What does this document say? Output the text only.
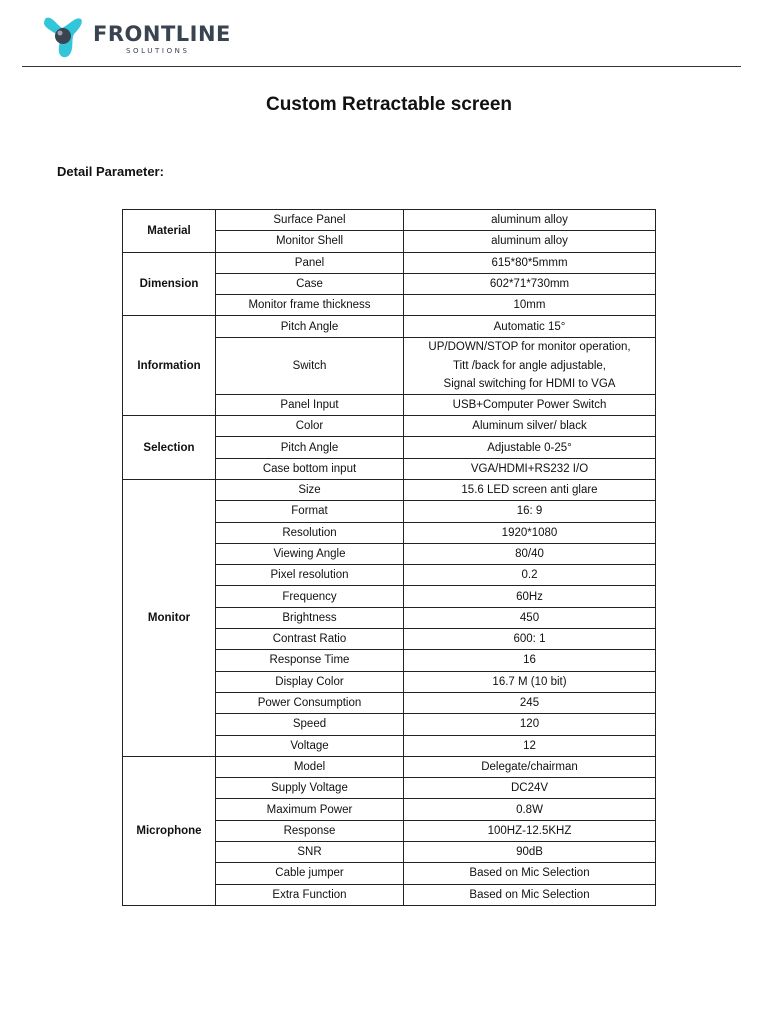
FRONTLINE
SOLUTIONS
Custom Retractable screen
Detail Parameter:
Material	Surface Panel	aluminum alloy
	Monitor Shell	aluminum alloy
Dimension	Panel	615*80*5mmm
	Case	602*71*730mm
	Monitor frame thickness	10mm
Information	Pitch Angle	Automatic 15°
	Switch	UP/DOWN/STOP for monitor operation,
Titt /back for angle adjustable,
Signal switching for HDMI to VGA

	Panel Input	USB+Computer Power Switch
Selection	Color	Aluminum silver/ black
	Pitch Angle	Adjustable 0-25°
	Case bottom input	VGA/HDMI+RS232 I/O
Monitor	Size	15.6 LED screen anti glare
	Format	16: 9
	Resolution	1920*1080
	Viewing Angle	80/40
	Pixel resolution	0.2
	Frequency	60Hz
	Brightness	450
	Contrast Ratio	600: 1
	Response Time	16
	Display Color	16.7 M (10 bit)
	Power Consumption	245
	Speed	120
	Voltage	12
Microphone	Model	Delegate/chairman
	Supply Voltage	DC24V
	Maximum Power	0.8W
	Response	100HZ-12.5KHZ
	SNR	90dB
	Cable jumper	Based on Mic Selection
	Extra Function	Based on Mic Selection
